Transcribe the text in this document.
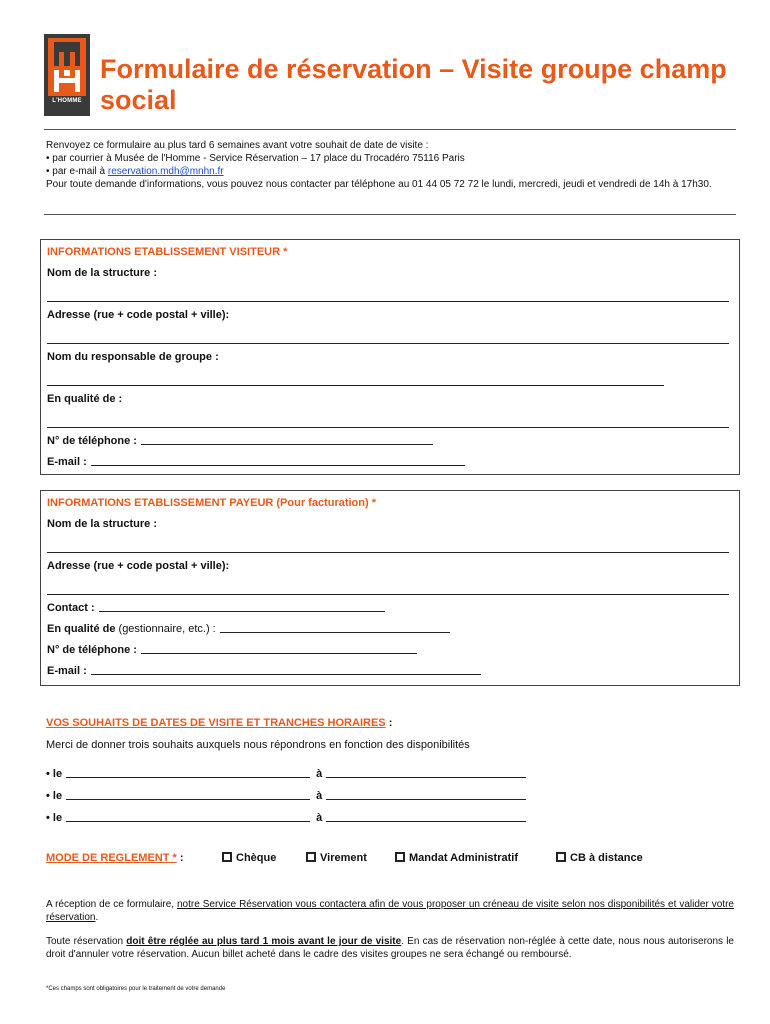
L'HOMME
Formulaire de réservation – Visite groupe champ social
Renvoyez ce formulaire au plus tard 6 semaines avant votre souhait de date de visite :
• par courrier à Musée de l'Homme - Service Réservation – 17 place du Trocadéro 75116 Paris
• par e-mail à reservation.mdh@mnhn.fr
Pour toute demande d'informations, vous pouvez nous contacter par téléphone au 01 44 05 72 72 le lundi, mercredi, jeudi et vendredi de 14h à 17h30.
INFORMATIONS ETABLISSEMENT VISITEUR *
Nom de la structure :
Adresse (rue + code postal + ville):
Nom du responsable de groupe :
En qualité de :
N° de téléphone :
E-mail :
INFORMATIONS ETABLISSEMENT PAYEUR (Pour facturation) *
Nom de la structure :
Adresse (rue + code postal + ville):
Contact :
En qualité de (gestionnaire, etc.) :
N° de téléphone :
E-mail :
VOS SOUHAITS DE DATES DE VISITE ET TRANCHES HORAIRES :
Merci de donner trois souhaits auxquels nous répondrons en fonction des disponibilités
• le	à
• le	à
• le	à
MODE DE REGLEMENT * :	Chèque	Virement	Mandat Administratif	CB à distance
A réception de ce formulaire, notre Service Réservation vous contactera afin de vous proposer un créneau de visite selon nos disponibilités et valider votre réservation.
Toute réservation doit être réglée au plus tard 1 mois avant le jour de visite. En cas de réservation non-réglée à cette date, nous nous autoriserons le droit d'annuler votre réservation. Aucun billet acheté dans le cadre des visites groupes ne sera échangé ou remboursé.
*Ces champs sont obligatoires pour le traitement de votre demande
